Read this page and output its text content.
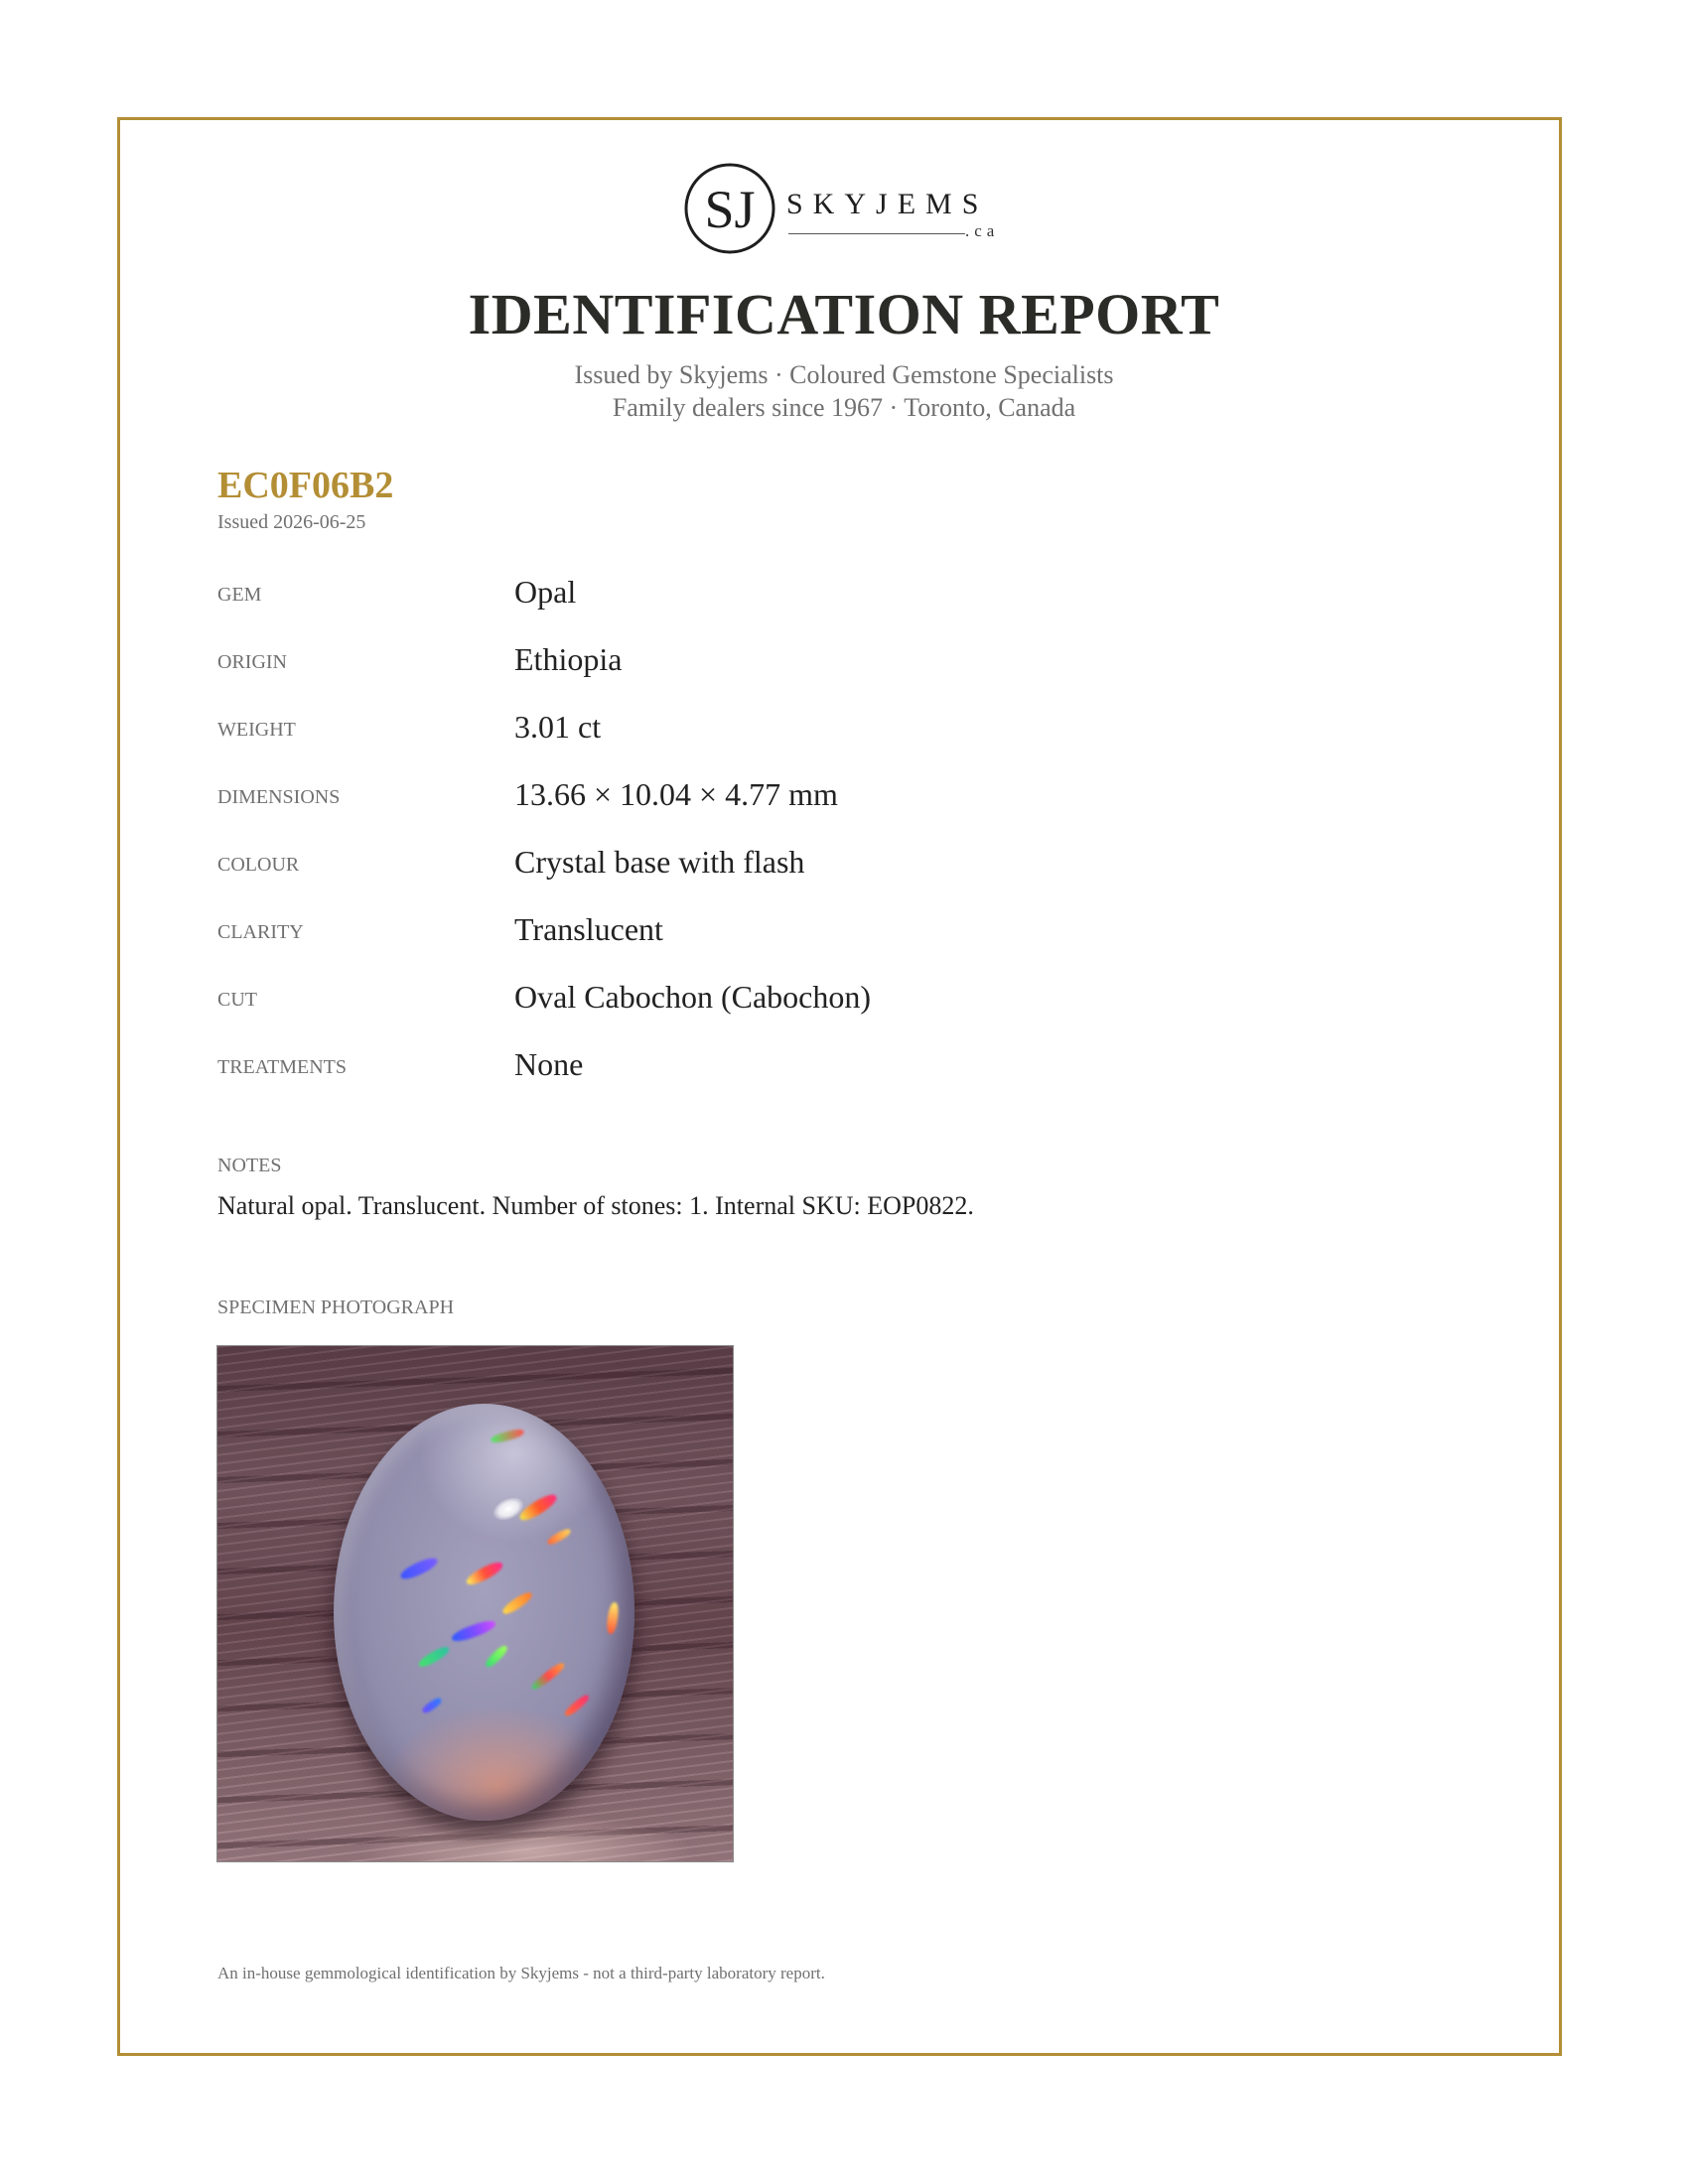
SJ SKYJEMS
.ca
IDENTIFICATION REPORT
Issued by Skyjems · Coloured Gemstone Specialists
Family dealers since 1967 · Toronto, Canada
EC0F06B2
Issued 2026-06-25
GEM	Opal
ORIGIN	Ethiopia
WEIGHT	3.01 ct
DIMENSIONS	13.66 × 10.04 × 4.77 mm
COLOUR	Crystal base with flash
CLARITY	Translucent
CUT	Oval Cabochon (Cabochon)
TREATMENTS	None
NOTES
Natural opal. Translucent. Number of stones: 1. Internal SKU: EOP0822.
SPECIMEN PHOTOGRAPH
An in-house gemmological identification by Skyjems - not a third-party laboratory report.
